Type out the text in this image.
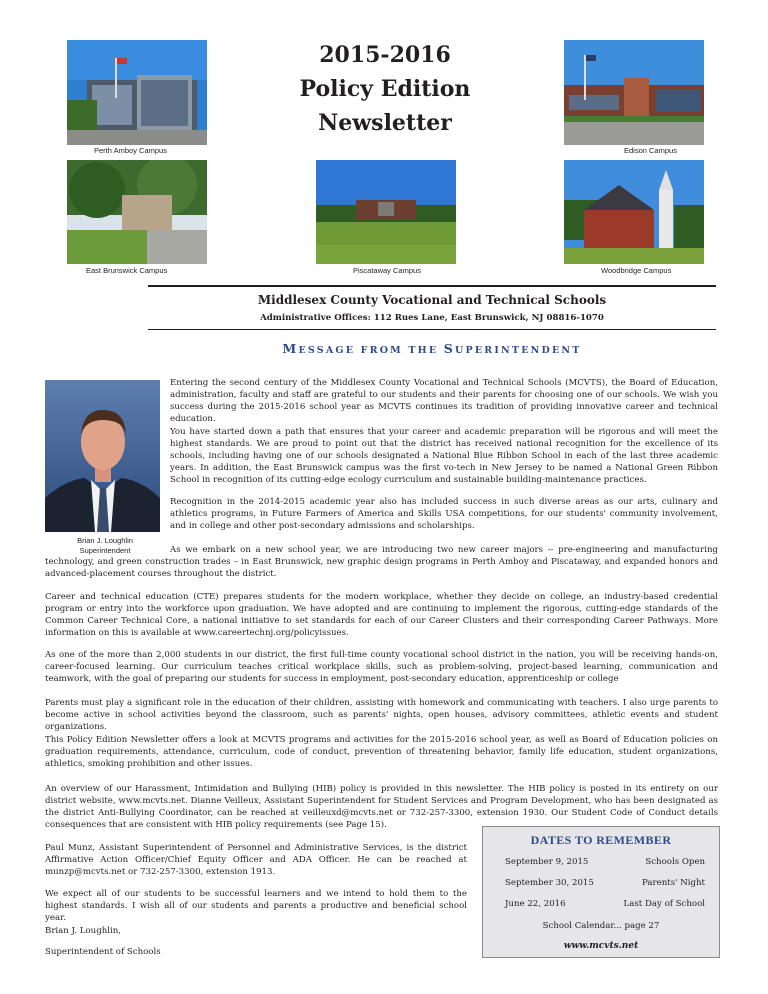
Perth Amboy Campus	Edison Campus
East Brunswick Campus	Piscataway Campus	Woodbridge Campus
2015-2016
Policy Edition
Newsletter
Middlesex County Vocational and Technical Schools
Administrative Offices: 112 Rues Lane, East Brunswick, NJ 08816-1070
MESSAGE FROM THE SUPERINTENDENT
Brian J. Loughlin
Superintendent
Entering the second century of the Middlesex County Vocational and Technical Schools (MCVTS), the Board of Education, administration, faculty and staff are grateful to our students and their parents for choosing one of our schools. We wish you success during the 2015-2016 school year as MCVTS continues its tradition of providing innovative career and technical education.
You have started down a path that ensures that your career and academic preparation will be rigorous and will meet the highest standards. We are proud to point out that the district has received national recognition for the excellence of its schools, including having one of our schools designated a National Blue Ribbon School in each of the last three academic years. In addition, the East Brunswick campus was the first vo-tech in New Jersey to be named a National Green Ribbon School in recognition of its cutting-edge ecology curriculum and sustainable building-maintenance practices.
Recognition in the 2014-2015 academic year also has included success in such diverse areas as our arts, culinary and athletics programs, in Future Farmers of America and Skills USA competitions, for our students' community involvement, and in college and other post-secondary admissions and scholarships.
As we embark on a new school year, we are introducing two new career majors -- pre-engineering and manufacturing technology, and green construction trades – in East Brunswick, new graphic design programs in Perth Amboy and Piscataway, and expanded honors and advanced-placement courses throughout the district.
Career and technical education (CTE) prepares students for the modern workplace, whether they decide on college, an industry-based credential program or entry into the workforce upon graduation. We have adopted and are continuing to implement the rigorous, cutting-edge standards of the Common Career Technical Core, a national initiative to set standards for each of our Career Clusters and their corresponding Career Pathways. More information on this is available at www.careertechnj.org/policyissues.
As one of the more than 2,000 students in our district, the first full-time county vocational school district in the nation, you will be receiving hands-on, career-focused learning. Our curriculum teaches critical workplace skills, such as problem-solving, project-based learning, communication and teamwork, with the goal of preparing our students for success in employment, post-secondary education, apprenticeship or college
Parents must play a significant role in the education of their children, assisting with homework and communicating with teachers. I also urge parents to become active in school activities beyond the classroom, such as parents' nights, open houses, advisory committees, athletic events and student organizations.
This Policy Edition Newsletter offers a look at MCVTS programs and activities for the 2015-2016 school year, as well as Board of Education policies on graduation requirements, attendance, curriculum, code of conduct, prevention of threatening behavior, family life education, student organizations, athletics, smoking prohibition and other issues.
An overview of our Harassment, Intimidation and Bullying (HIB) policy is provided in this newsletter. The HIB policy is posted in its entirety on our district website, www.mcvts.net. Dianne Veilleux, Assistant Superintendent for Student Services and Program Development, who has been designated as the district Anti-Bullying Coordinator, can be reached at veilleuxd@mcvts.net or 732-257-3300, extension 1930. Our Student Code of Conduct details consequences that are consistent with HIB policy requirements (see Page 15).
Paul Munz, Assistant Superintendent of Personnel and Administrative Services, is the district Affirmative Action Officer/Chief Equity Officer and ADA Officer. He can be reached at munzp@mcvts.net or 732-257-3300, extension 1913.
We expect all of our students to be successful learners and we intend to hold them to the highest standards. I wish all of our students and parents a productive and beneficial school year.
Brian J. Loughlin,
Superintendent of Schools
DATES TO REMEMBER
September 9, 2015	Schools Open
September 30, 2015	Parents' Night
June 22, 2016	Last Day of School
School Calendar... page 27
www.mcvts.net
